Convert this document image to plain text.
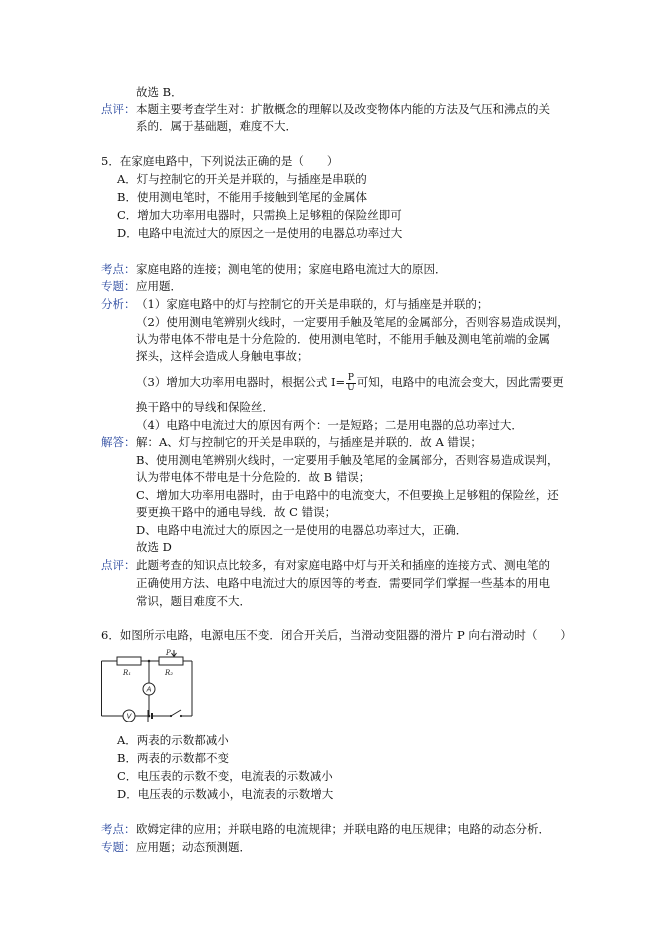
故选 B．
点评： 本题主要考查学生对：扩散概念的理解以及改变物体内能的方法及气压和沸点的关
系的．属于基础题，难度不大．
5．在家庭电路中，下列说法正确的是（　　）
A．灯与控制它的开关是并联的，与插座是串联的
B．使用测电笔时，不能用手接触到笔尾的金属体
C．增加大功率用电器时，只需换上足够粗的保险丝即可
D．电路中电流过大的原因之一是使用的电器总功率过大
考点： 家庭电路的连接；测电笔的使用；家庭电路电流过大的原因．
专题： 应用题．
分析： （1）家庭电路中的灯与控制它的开关是串联的，灯与插座是并联的；
（2）使用测电笔辨别火线时，一定要用手触及笔尾的金属部分，否则容易造成误判，
认为带电体不带电是十分危险的．使用测电笔时，不能用手触及测电笔前端的金属
探头，这样会造成人身触电事故；
（3）增加大功率用电器时，根据公式 $I= \frac{P}{U}$ 可知，电路中的电流会变大，因此需要更
换干路中的导线和保险丝．
（4）电路中电流过大的原因有两个：一是短路；二是用电器的总功率过大．
解答： 解：A、灯与控制它的开关是串联的，与插座是并联的．故 A 错误；
B、使用测电笔辨别火线时，一定要用手触及笔尾的金属部分，否则容易造成误判，
认为带电体不带电是十分危险的．故 B 错误；
C、增加大功率用电器时，由于电路中的电流变大，不但要换上足够粗的保险丝，还
要更换干路中的通电导线．故 C 错误；
D、电路中电流过大的原因之一是使用的电器总功率过大，正确．
故选 D
点评： 此题考查的知识点比较多，有对家庭电路中灯与开关和插座的连接方式、测电笔的
正确使用方法、电路中电流过大的原因等的考查．需要同学们掌握一些基本的用电
常识，题目难度不大．
6．如图所示电路，电源电压不变．闭合开关后，当滑动变阻器的滑片 P 向右滑动时（　　）
R₁	R₂
P
A
V
A．两表的示数都减小
B．两表的示数都不变
C．电压表的示数不变，电流表的示数减小
D．电压表的示数减小，电流表的示数增大
考点： 欧姆定律的应用；并联电路的电流规律；并联电路的电压规律；电路的动态分析．
专题： 应用题；动态预测题．
